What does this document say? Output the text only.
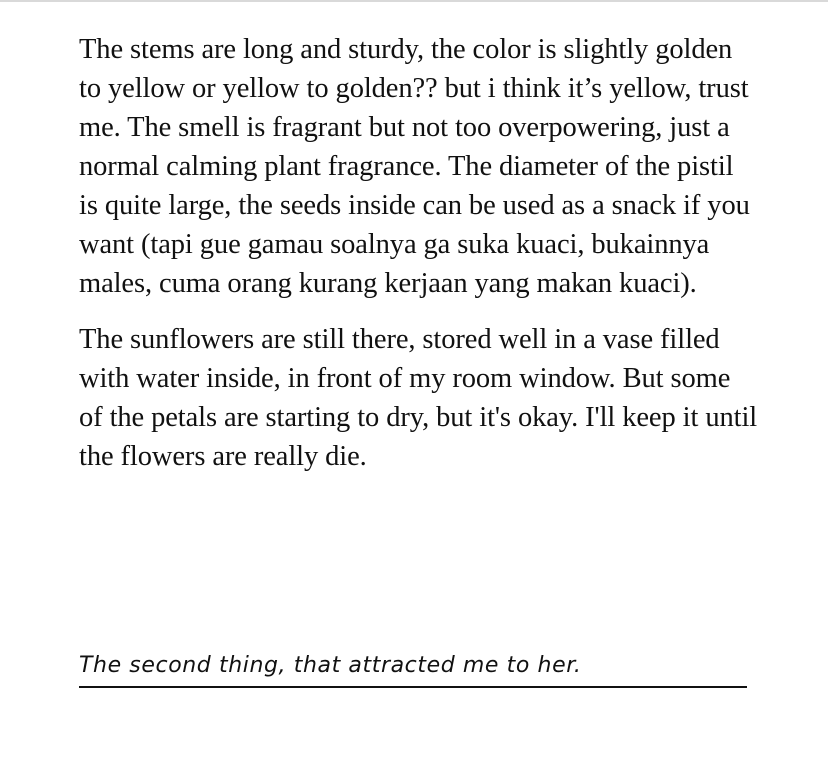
The stems are long and sturdy, the color is slightly golden to yellow or yellow to golden?? but i think it’s yellow, trust me. The smell is fragrant but not too overpowering, just a normal calming plant fragrance. The diameter of the pistil is quite large, the seeds inside can be used as a snack if you want (tapi gue gamau soalnya ga suka kuaci, bukainnya males, cuma orang kurang kerjaan yang makan kuaci).

The sunflowers are still there, stored well in a vase filled with water inside, in front of my room window. But some of the petals are starting to dry, but it's okay. I'll keep it until the flowers are really die.

The second thing, that attracted me to her.
